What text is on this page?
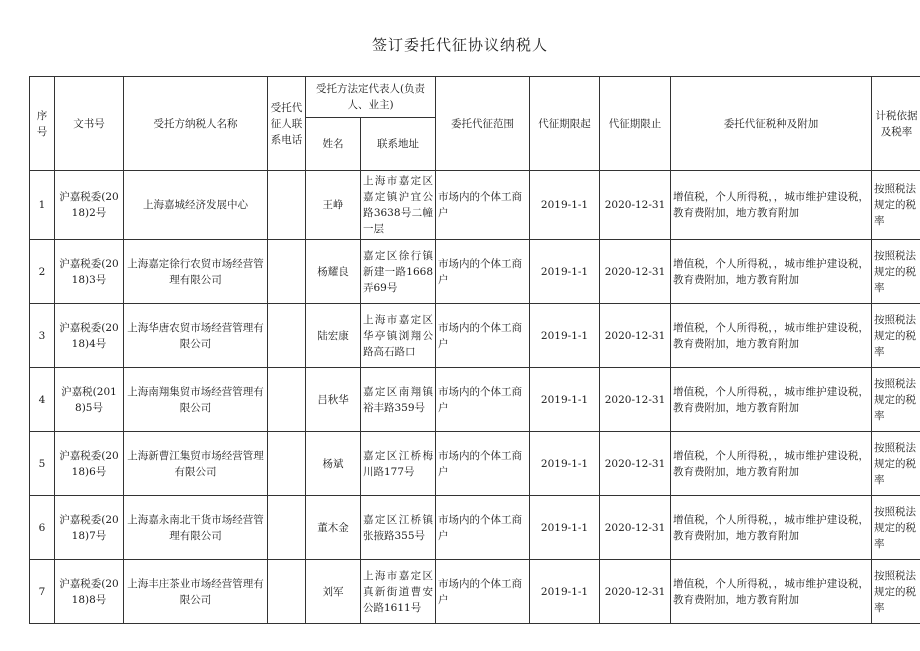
签订委托代征协议纳税人
序号	文书号	受托方纳税人名称	受托代征人联系电话	受托方法定代表人(负责人、业主)		委托代征范围	代征期限起	代征期限止	委托代征税种及附加	计税依据及税率
				姓名	联系地址					
1	沪嘉税委(2018)2号	上海嘉城经济发展中心		王峥	上海市嘉定区嘉定镇沪宜公路3638号二幢一层	市场内的个体工商户	2019-1-1	2020-12-31	增值税，个人所得税，，城市维护建设税，教育费附加，地方教育附加	按照税法规定的税率
2	沪嘉税委(2018)3号	上海嘉定徐行农贸市场经营管理有限公司		杨耀良	嘉定区徐行镇新建一路1668弄69号	市场内的个体工商户	2019-1-1	2020-12-31	增值税，个人所得税，，城市维护建设税，教育费附加，地方教育附加	按照税法规定的税率
3	沪嘉税委(2018)4号	上海华唐农贸市场经营管理有限公司		陆宏康	上海市嘉定区华亭镇浏翔公路高石路口	市场内的个体工商户	2019-1-1	2020-12-31	增值税，个人所得税，，城市维护建设税，教育费附加，地方教育附加	按照税法规定的税率
4	沪嘉税(2018)5号	上海南翔集贸市场经营管理有限公司		吕秋华	嘉定区南翔镇裕丰路359号	市场内的个体工商户	2019-1-1	2020-12-31	增值税，个人所得税，，城市维护建设税，教育费附加，地方教育附加	按照税法规定的税率
5	沪嘉税委(2018)6号	上海新曹江集贸市场经营管理有限公司		杨斌	嘉定区江桥梅川路177号	市场内的个体工商户	2019-1-1	2020-12-31	增值税，个人所得税，，城市维护建设税，教育费附加，地方教育附加	按照税法规定的税率
6	沪嘉税委(2018)7号	上海嘉永南北干货市场经营管理有限公司		董木金	嘉定区江桥镇张掖路355号	市场内的个体工商户	2019-1-1	2020-12-31	增值税，个人所得税，，城市维护建设税，教育费附加，地方教育附加	按照税法规定的税率
7	沪嘉税委(2018)8号	上海丰庄茶业市场经营管理有限公司		刘军	上海市嘉定区真新街道曹安公路1611号	市场内的个体工商户	2019-1-1	2020-12-31	增值税，个人所得税，，城市维护建设税，教育费附加，地方教育附加	按照税法规定的税率
